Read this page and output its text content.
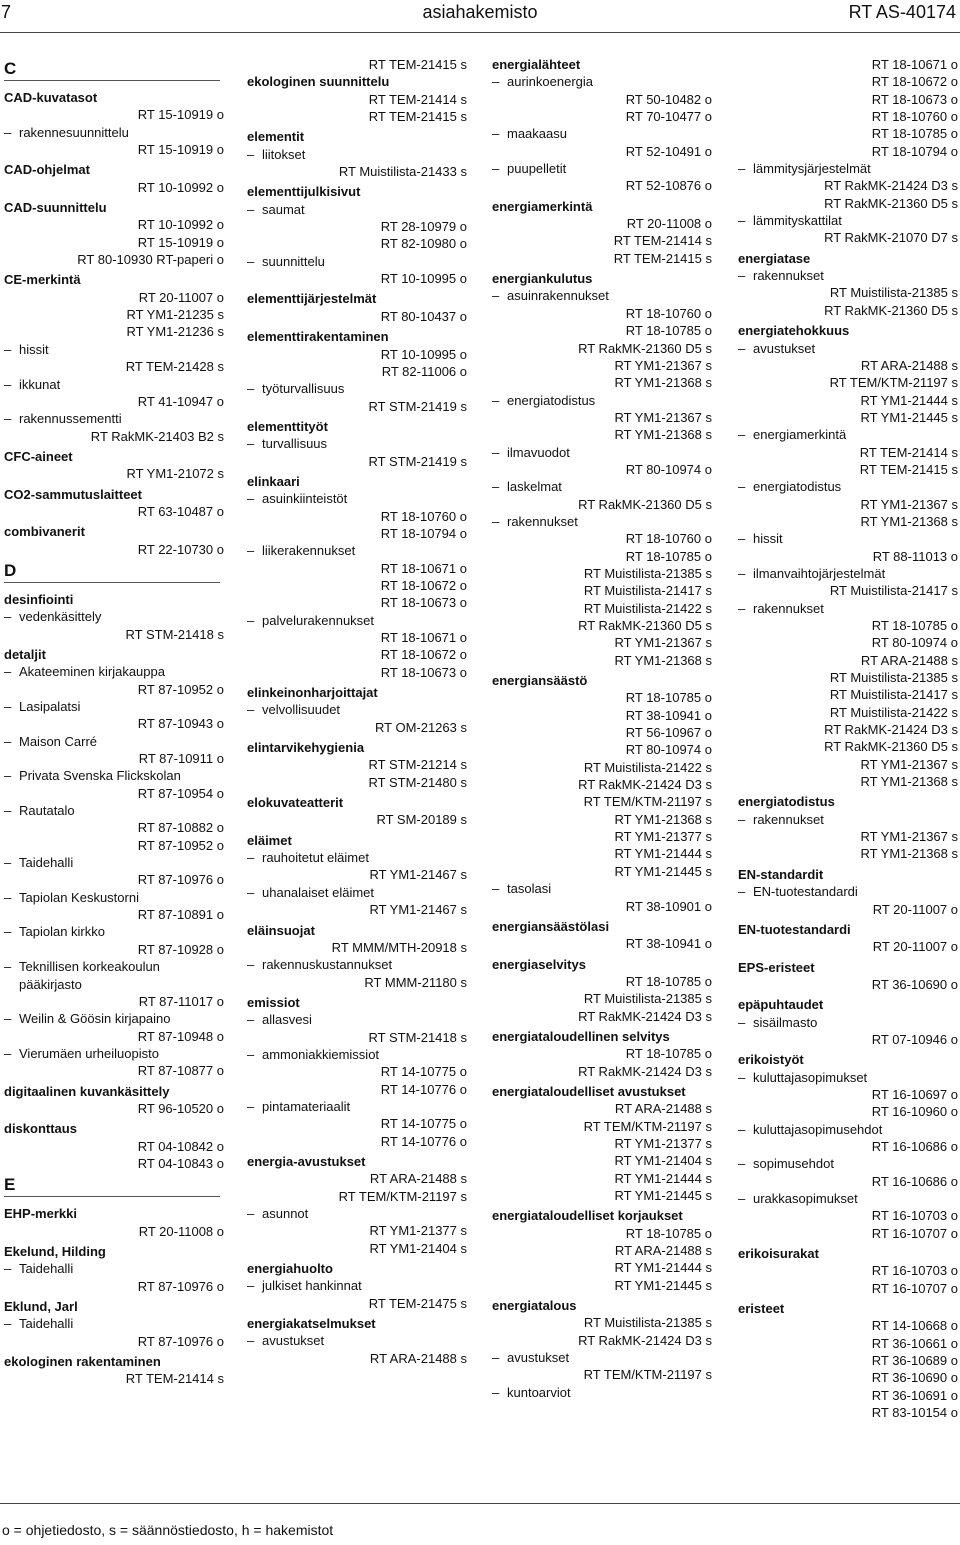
7	asiahakemisto	RT AS-40174
C
CAD-kuvatasot
RT 15-10919 o
– rakennesuunnittelu
RT 15-10919 o
CAD-ohjelmat
RT 10-10992 o
CAD-suunnittelu
RT 10-10992 o
RT 15-10919 o
RT 80-10930 RT-paperi o
CE-merkintä
RT 20-11007 o
RT YM1-21235 s
RT YM1-21236 s
– hissit
RT TEM-21428 s
– ikkunat
RT 41-10947 o
– rakennussementti
RT RakMK-21403 B2 s
CFC-aineet
RT YM1-21072 s
CO2-sammutuslaitteet
RT 63-10487 o
combivanerit
RT 22-10730 o
D
desinfiointi
– vedenkäsittely
RT STM-21418 s
detaljit
– Akateeminen kirjakauppa
RT 87-10952 o
– Lasipalatsi
RT 87-10943 o
– Maison Carré
RT 87-10911 o
– Privata Svenska Flickskolan
RT 87-10954 o
– Rautatalo
RT 87-10882 o
RT 87-10952 o
– Taidehalli
RT 87-10976 o
– Tapiolan Keskustorni
RT 87-10891 o
– Tapiolan kirkko
RT 87-10928 o
– Teknillisen korkeakoulun pääkirjasto
RT 87-11017 o
– Weilin & Göösin kirjapaino
RT 87-10948 o
– Vierumäen urheiluopisto
RT 87-10877 o
digitaalinen kuvankäsittely
RT 96-10520 o
diskonttaus
RT 04-10842 o
RT 04-10843 o
E
EHP-merkki
RT 20-11008 o
Ekelund, Hilding
– Taidehalli
RT 87-10976 o
Eklund, Jarl
– Taidehalli
RT 87-10976 o
ekologinen rakentaminen
RT TEM-21414 s
RT TEM-21415 s
ekologinen suunnittelu
RT TEM-21414 s
RT TEM-21415 s
elementit
– liitokset
RT Muistilista-21433 s
elementtijulkisivut
– saumat
RT 28-10979 o
RT 82-10980 o
– suunnittelu
RT 10-10995 o
elementtijärjestelmät
RT 80-10437 o
elementtirakentaminen
RT 10-10995 o
RT 82-11006 o
– työturvallisuus
RT STM-21419 s
elementtityöt
– turvallisuus
RT STM-21419 s
elinkaari
– asuinkiinteistöt
RT 18-10760 o
RT 18-10794 o
– liikerakennukset
RT 18-10671 o
RT 18-10672 o
RT 18-10673 o
– palvelurakennukset
RT 18-10671 o
RT 18-10672 o
RT 18-10673 o
elinkeinonharjoittajat
– velvollisuudet
RT OM-21263 s
elintarvikehygienia
RT STM-21214 s
RT STM-21480 s
elokuvateatterit
RT SM-20189 s
eläimet
– rauhoitetut eläimet
RT YM1-21467 s
– uhanalaiset eläimet
RT YM1-21467 s
eläinsuojat
RT MMM/MTH-20918 s
– rakennuskustannukset
RT MMM-21180 s
emissiot
– allasvesi
RT STM-21418 s
– ammoniakkiemissiot
RT 14-10775 o
RT 14-10776 o
– pintamateriaalit
RT 14-10775 o
RT 14-10776 o
energia-avustukset
RT ARA-21488 s
RT TEM/KTM-21197 s
– asunnot
RT YM1-21377 s
RT YM1-21404 s
energiahuolto
– julkiset hankinnat
RT TEM-21475 s
energiakatselmukset
– avustukset
RT ARA-21488 s
energialähteet
– aurinkoenergia
RT 50-10482 o
RT 70-10477 o
– maakaasu
RT 52-10491 o
– puupelletit
RT 52-10876 o
energiamerkintä
RT 20-11008 o
RT TEM-21414 s
RT TEM-21415 s
energiankulutus
– asuinrakennukset
RT 18-10760 o
RT 18-10785 o
RT RakMK-21360 D5 s
RT YM1-21367 s
RT YM1-21368 s
– energiatodistus
RT YM1-21367 s
RT YM1-21368 s
– ilmavuodot
RT 80-10974 o
– laskelmat
RT RakMK-21360 D5 s
– rakennukset
RT 18-10760 o
RT 18-10785 o
RT Muistilista-21385 s
RT Muistilista-21417 s
RT Muistilista-21422 s
RT RakMK-21360 D5 s
RT YM1-21367 s
RT YM1-21368 s
energiansäästö
RT 18-10785 o
RT 38-10941 o
RT 56-10967 o
RT 80-10974 o
RT Muistilista-21422 s
RT RakMK-21424 D3 s
RT TEM/KTM-21197 s
RT YM1-21368 s
RT YM1-21377 s
RT YM1-21444 s
RT YM1-21445 s
– tasolasi
RT 38-10901 o
energiansäästölasi
RT 38-10941 o
energiaselvitys
RT 18-10785 o
RT Muistilista-21385 s
RT RakMK-21424 D3 s
energiataloudellinen selvitys
RT 18-10785 o
RT RakMK-21424 D3 s
energiataloudelliset avustukset
RT ARA-21488 s
RT TEM/KTM-21197 s
RT YM1-21377 s
RT YM1-21404 s
RT YM1-21444 s
RT YM1-21445 s
energiataloudelliset korjaukset
RT 18-10785 o
RT ARA-21488 s
RT YM1-21444 s
RT YM1-21445 s
energiatalous
RT Muistilista-21385 s
RT RakMK-21424 D3 s
– avustukset
RT TEM/KTM-21197 s
– kuntoarviot
RT 18-10671 o
RT 18-10672 o
RT 18-10673 o
RT 18-10760 o
RT 18-10785 o
RT 18-10794 o
– lämmitysjärjestelmät
RT RakMK-21424 D3 s
RT RakMK-21360 D5 s
– lämmityskattilat
RT RakMK-21070 D7 s
energiatase
– rakennukset
RT Muistilista-21385 s
RT RakMK-21360 D5 s
energiatehokkuus
– avustukset
RT ARA-21488 s
RT TEM/KTM-21197 s
RT YM1-21444 s
RT YM1-21445 s
– energiamerkintä
RT TEM-21414 s
RT TEM-21415 s
– energiatodistus
RT YM1-21367 s
RT YM1-21368 s
– hissit
RT 88-11013 o
– ilmanvaihtojärjestelmät
RT Muistilista-21417 s
– rakennukset
RT 18-10785 o
RT 80-10974 o
RT ARA-21488 s
RT Muistilista-21385 s
RT Muistilista-21417 s
RT Muistilista-21422 s
RT RakMK-21424 D3 s
RT RakMK-21360 D5 s
RT YM1-21367 s
RT YM1-21368 s
energiatodistus
– rakennukset
RT YM1-21367 s
RT YM1-21368 s
EN-standardit
– EN-tuotestandardi
RT 20-11007 o
EN-tuotestandardi
RT 20-11007 o
EPS-eristeet
RT 36-10690 o
epäpuhtaudet
– sisäilmasto
RT 07-10946 o
erikoistyöt
– kuluttajasopimukset
RT 16-10697 o
RT 16-10960 o
– kuluttajasopimusehdot
RT 16-10686 o
– sopimusehdot
RT 16-10686 o
– urakkasopimukset
RT 16-10703 o
RT 16-10707 o
erikoisurakat
RT 16-10703 o
RT 16-10707 o
eristeet
RT 14-10668 o
RT 36-10661 o
RT 36-10689 o
RT 36-10690 o
RT 36-10691 o
RT 83-10154 o
o = ohjetiedosto, s = säännöstiedosto, h = hakemistot
